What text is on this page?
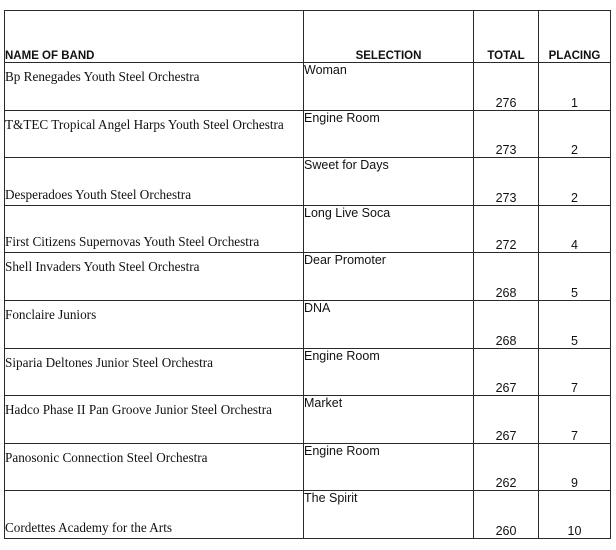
NAME OF BAND	SELECTION	TOTAL	PLACING
Bp Renegades Youth Steel Orchestra	Woman	276	1
T&TEC Tropical Angel Harps Youth Steel Orchestra	Engine Room	273	2
Desperadoes Youth Steel Orchestra	Sweet for Days	273	2
First Citizens Supernovas Youth Steel Orchestra	Long Live Soca	272	4
Shell Invaders Youth Steel Orchestra	Dear Promoter	268	5
Fonclaire Juniors	DNA	268	5
Siparia Deltones Junior Steel Orchestra	Engine Room	267	7
Hadco Phase II Pan Groove Junior Steel Orchestra	Market	267	7
Panosonic Connection Steel Orchestra	Engine Room	262	9
Cordettes Academy for the Arts	The Spirit	260	10
